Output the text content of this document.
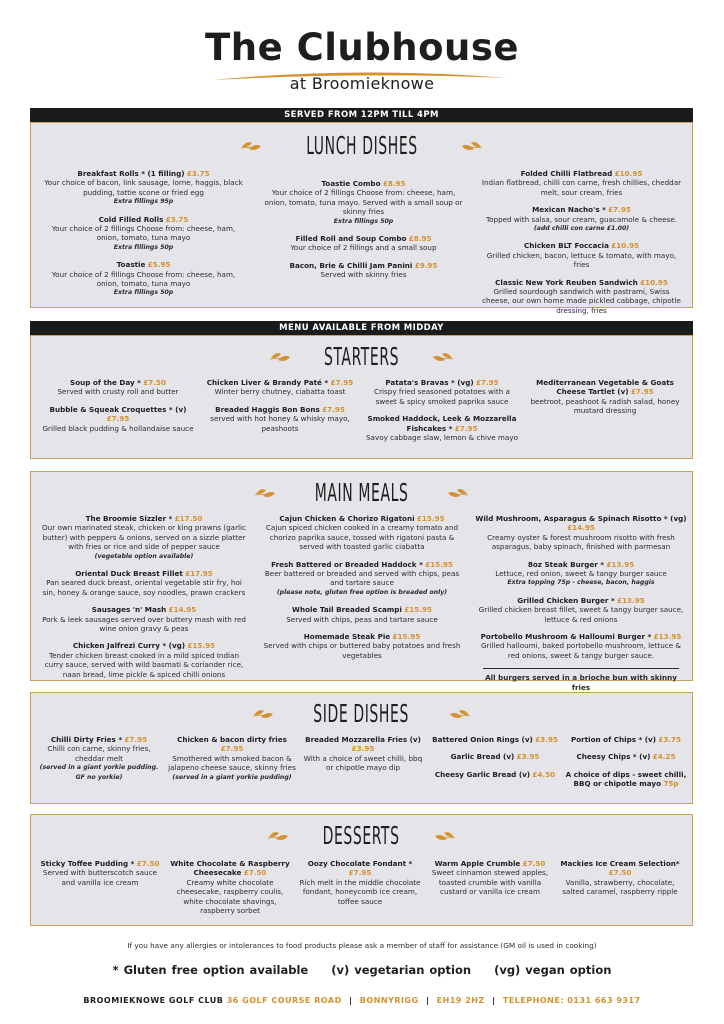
The Clubhouse
at Broomieknowe
SERVED FROM 12PM TILL 4PM
LUNCH DISHES
Breakfast Rolls * (1 filling) £3.75
Your choice of bacon, link sausage, lorne, haggis, black pudding, tattie scone or fried egg
Extra fillings 95p
Cold Filled Rolls £3.75
Your choice of 2 fillings Choose from: cheese, ham, onion, tomato, tuna mayo
Extra fillings 50p
Toastie £5.95
Your choice of 2 fillings Choose from: cheese, ham, onion, tomato, tuna mayo
Extra fillings 50p
Toastie Combo £8.95
Your choice of 2 fillings Choose from: cheese, ham, onion, tomato, tuna mayo. Served with a small soup or skinny fries
Extra fillings 50p
Filled Roll and Soup Combo £8.95
Your choice of 2 fillings and a small soup
Bacon, Brie & Chilli Jam Panini £9.95
Served with skinny fries
Folded Chilli Flatbread £10.95
Indian flatbread, chilli con carne, fresh chillies, cheddar melt, sour cream, fries
Mexican Nacho's * £7.95
Topped with salsa, sour cream, guacamole & cheese.
(add chilli con carne £1.00)
Chicken BLT Foccacia £10.95
Grilled chicken, bacon, lettuce & tomato, with mayo, fries
Classic New York Reuben Sandwich £10.95
Grilled sourdough sandwich with pastrami, Swiss cheese, our own home made pickled cabbage, chipotle dressing, fries
MENU AVAILABLE FROM MIDDAY
STARTERS
Soup of the Day * £7.50
Served with crusty roll and butter
Bubble & Squeak Croquettes * (v) £7.95
Grilled black pudding & hollandaise sauce
Chicken Liver & Brandy Paté * £7.95
Winter berry chutney, ciabatta toast
Breaded Haggis Bon Bons £7.95
served with hot honey & whisky mayo, peashoots
Patata's Bravas * (vg) £7.95
Crispy fried seasoned potatoes with a sweet & spicy smoked paprika sauce
Smoked Haddock, Leek & Mozzarella Fishcakes * £7.95
Savoy cabbage slaw, lemon & chive mayo
Mediterranean Vegetable & Goats Cheese Tartlet (v) £7.95
beetroot, peashoot & radish salad, honey mustard dressing
MAIN MEALS
The Broomie Sizzler * £17.50
Our own marinated steak, chicken or king prawns (garlic butter) with peppers & onions, served on a sizzle platter with fries or rice and side of pepper sauce
(vegetable option available)
Oriental Duck Breast Fillet £17.95
Pan seared duck breast, oriental vegetable stir fry, hoi sin, honey & orange sauce, soy noodles, prawn crackers
Sausages 'n' Mash £14.95
Pork & leek sausages served over buttery mash with red wine onion gravy & peas
Chicken Jalfrezi Curry * (vg) £15.95
Tender chicken breast cooked in a mild spiced Indian curry sauce, served with wild basmati & coriander rice, naan bread, lime pickle & spiced chilli onions
Cajun Chicken & Chorizo Rigatoni £15.95
Cajun spiced chicken cooked in a creamy tomato and chorizo paprika sauce, tossed with rigatoni pasta & served with toasted garlic ciabatta
Fresh Battered or Breaded Haddock * £15.95
Beer battered or breaded and served with chips, peas and tartare sauce
(please note, gluten free option is breaded only)
Whole Tail Breaded Scampi £15.95
Served with chips, peas and tartare sauce
Homemade Steak Pie £15.95
Served with chips or buttered baby potatoes and fresh vegetables
Wild Mushroom, Asparagus & Spinach Risotto * (vg) £14.95
Creamy oyster & forest mushroom risotto with fresh asparagus, baby spinach, finished with parmesan
8oz Steak Burger * £13.95
Lettuce, red onion, sweet & tangy burger sauce
Extra topping 75p - cheese, bacon, haggis
Grilled Chicken Burger * £13.95
Grilled chicken breast fillet, sweet & tangy burger sauce, lettuce & red onions
Portobello Mushroom & Halloumi Burger * £13.95
Grilled halloumi, baked portobello mushroom, lettuce & red onions, sweet & tangy burger sauce.
All burgers served in a brioche bun with skinny fries
SIDE DISHES
Chilli Dirty Fries * £7.95
Chilli con carne, skinny fries, cheddar melt
(served in a giant yorkie pudding. GF no yorkie)
Chicken & bacon dirty fries £7.95
Smothered with smoked bacon & jalapeno cheese sauce, skinny fries
(served in a giant yorkie pudding)
Breaded Mozzarella Fries (v) £3.95
With a choice of sweet chilli, bbq or chipotle mayo dip
Battered Onion Rings (v) £3.95
Garlic Bread (v) £3.95
Cheesy Garlic Bread (v) £4.50
Portion of Chips * (v) £3.75
Cheesy Chips * (v) £4.25
A choice of dips - sweet chilli, BBQ or chipotle mayo 75p
DESSERTS
Sticky Toffee Pudding * £7.50
Served with butterscotch sauce and vanilla ice cream
White Chocolate & Raspberry Cheesecake £7.50
Creamy white chocolate cheesecake, raspberry coulis, white chocolate shavings, raspberry sorbet
Oozy Chocolate Fondant * £7.95
Rich melt in the middle chocolate fondant, honeycomb ice cream, toffee sauce
Warm Apple Crumble £7.50
Sweet cinnamon stewed apples, toasted crumble with vanilla custard or vanilla ice cream
Mackies Ice Cream Selection* £7.50
Vanilla, strawberry, chocolate, salted caramel, raspberry ripple
If you have any allergies or intolerances to food products please ask a member of staff for assistance (GM oil is used in cooking)
* Gluten free option available (v) vegetarian option (vg) vegan option
BROOMIEKNOWE GOLF CLUB 36 GOLF COURSE ROAD | BONNYRIGG | EH19 2HZ | TELEPHONE: 0131 663 9317
